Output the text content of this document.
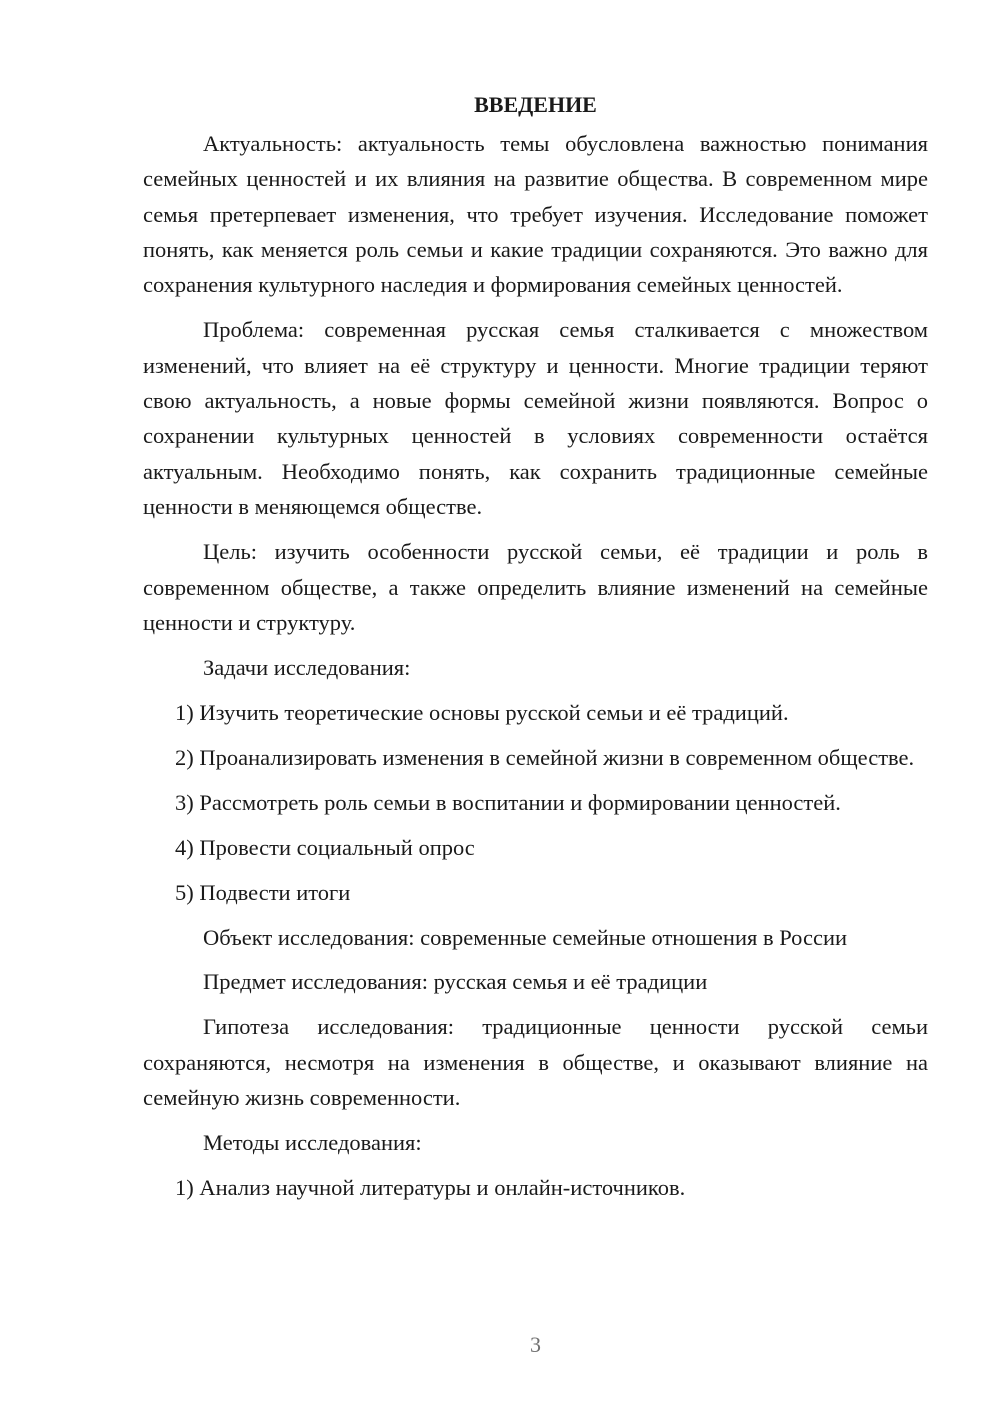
ВВЕДЕНИЕ

Актуальность: актуальность темы обусловлена важностью понимания семейных ценностей и их влияния на развитие общества. В современном мире семья претерпевает изменения, что требует изучения. Исследование поможет понять, как меняется роль семьи и какие традиции сохраняются. Это важно для сохранения культурного наследия и формирования семейных ценностей.

Проблема: современная русская семья сталкивается с множеством изменений, что влияет на её структуру и ценности. Многие традиции теряют свою актуальность, а новые формы семейной жизни появляются. Вопрос о сохранении культурных ценностей в условиях современности остаётся актуальным. Необходимо понять, как сохранить традиционные семейные ценности в меняющемся обществе.

Цель: изучить особенности русской семьи, её традиции и роль в современном обществе, а также определить влияние изменений на семейные ценности и структуру.

Задачи исследования:

1) Изучить теоретические основы русской семьи и её традиций.

2) Проанализировать изменения в семейной жизни в современном обществе.

3) Рассмотреть роль семьи в воспитании и формировании ценностей.

4) Провести социальный опрос

5) Подвести итоги

Объект исследования: современные семейные отношения в России

Предмет исследования: русская семья и её традиции

Гипотеза исследования: традиционные ценности русской семьи сохраняются, несмотря на изменения в обществе, и оказывают влияние на семейную жизнь современности.

Методы исследования:

1) Анализ научной литературы и онлайн-источников.

3
